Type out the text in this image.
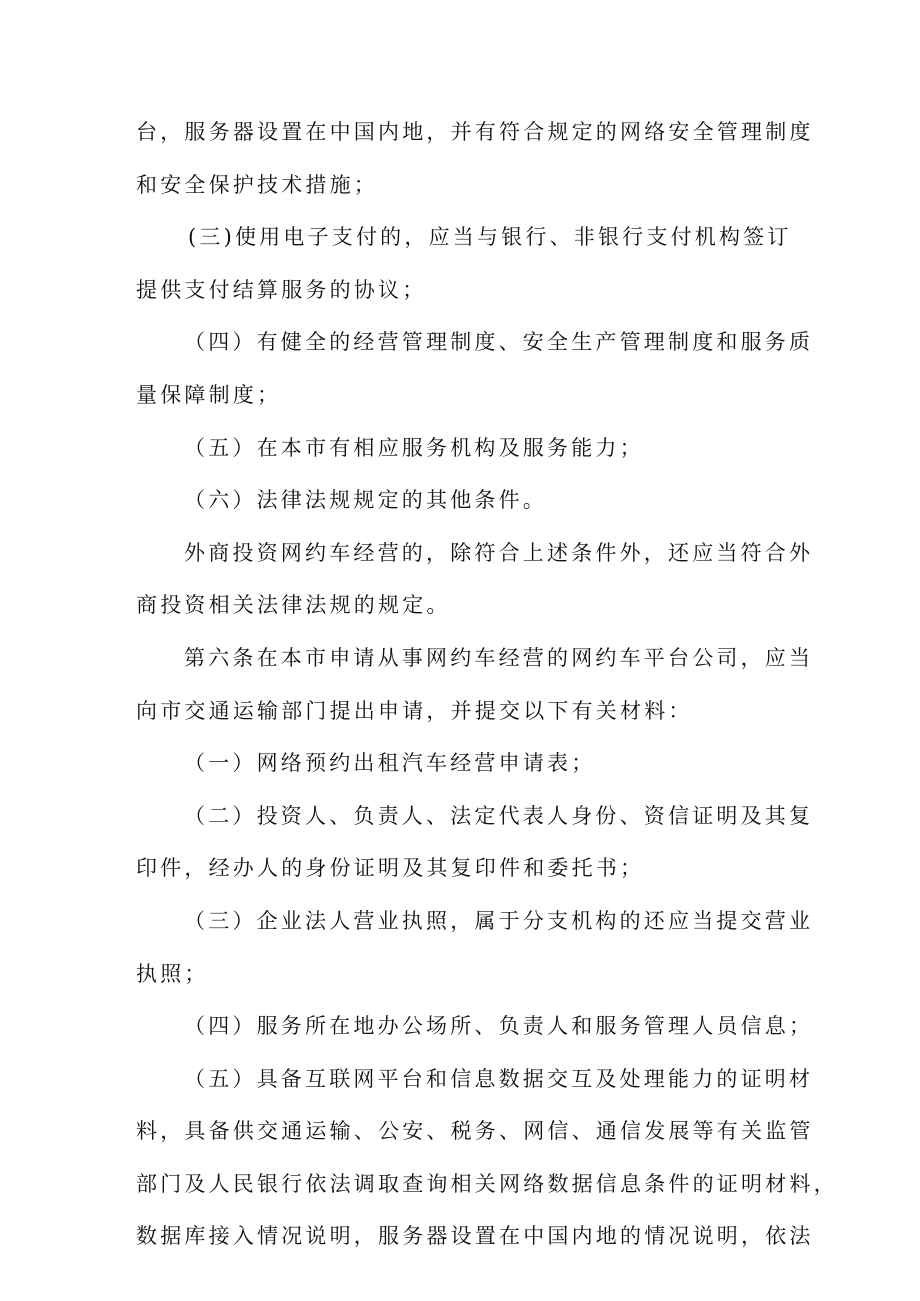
台，服务器设置在中国内地，并有符合规定的网络安全管理制度
和安全保护技术措施；
(三)使用电子支付的，应当与银行、非银行支付机构签订
提供支付结算服务的协议；
（四）有健全的经营管理制度、安全生产管理制度和服务质
量保障制度；
（五）在本市有相应服务机构及服务能力；
（六）法律法规规定的其他条件。
外商投资网约车经营的，除符合上述条件外，还应当符合外
商投资相关法律法规的规定。
第六条在本市申请从事网约车经营的网约车平台公司，应当
向市交通运输部门提出申请，并提交以下有关材料：
（一）网络预约出租汽车经营申请表；
（二）投资人、负责人、法定代表人身份、资信证明及其复
印件，经办人的身份证明及其复印件和委托书；
（三）企业法人营业执照，属于分支机构的还应当提交营业
执照；
（四）服务所在地办公场所、负责人和服务管理人员信息；
（五）具备互联网平台和信息数据交互及处理能力的证明材
料，具备供交通运输、公安、税务、网信、通信发展等有关监管
部门及人民银行依法调取查询相关网络数据信息条件的证明材料，
数据库接入情况说明，服务器设置在中国内地的情况说明，依法
